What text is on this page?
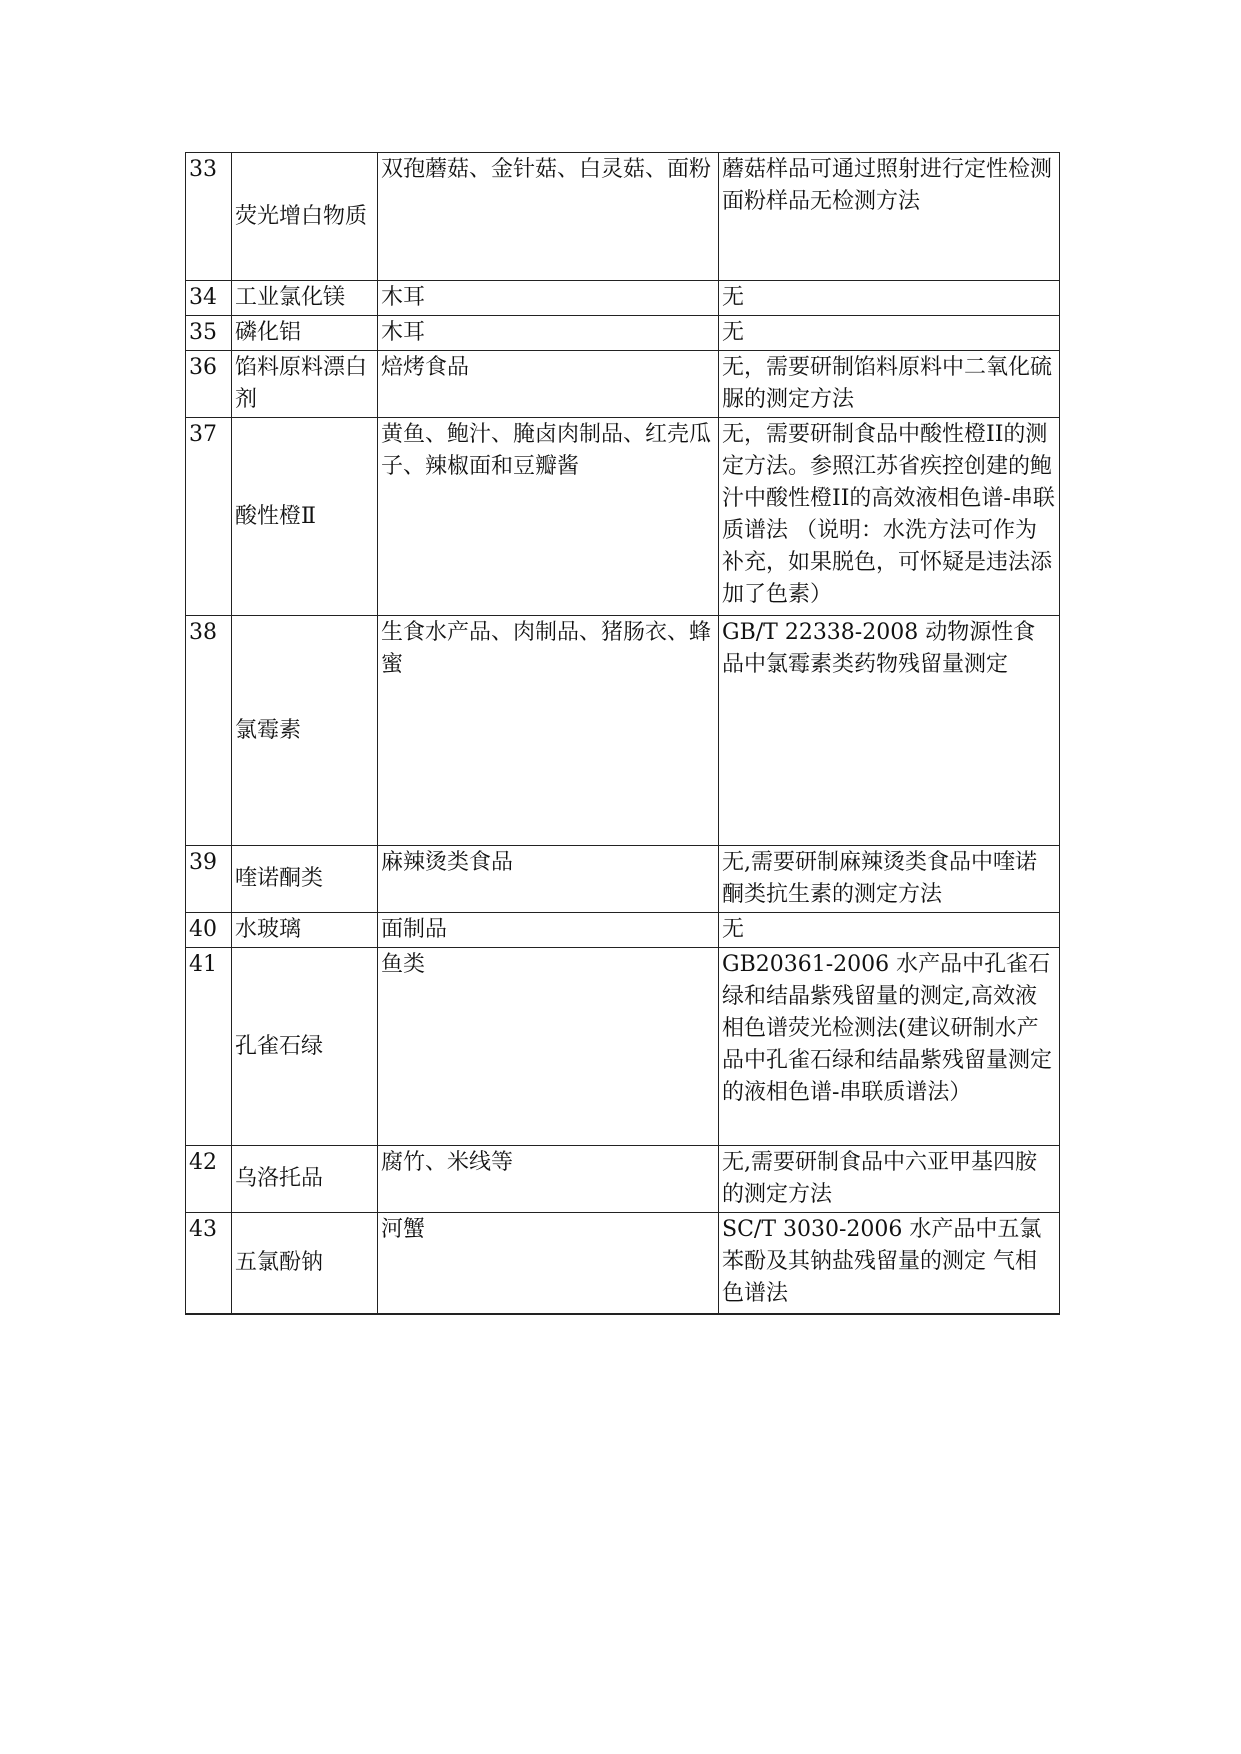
33	荧光增白物质	双孢蘑菇、金针菇、白灵菇、面粉	蘑菇样品可通过照射进行定性检测 面粉样品无检测方法
34	工业氯化镁	木耳	无
35	磷化铝	木耳	无
36	馅料原料漂白剂	焙烤食品	无，需要研制馅料原料中二氧化硫脲的测定方法
37	酸性橙Ⅱ	黄鱼、鲍汁、腌卤肉制品、红壳瓜子、辣椒面和豆瓣酱	无，需要研制食品中酸性橙II的测定方法。参照江苏省疾控创建的鲍汁中酸性橙II的高效液相色谱-串联质谱法 （说明：水洗方法可作为补充，如果脱色，可怀疑是违法添加了色素）
38	氯霉素	生食水产品、肉制品、猪肠衣、蜂蜜	GB/T 22338-2008 动物源性食品中氯霉素类药物残留量测定
39	喹诺酮类	麻辣烫类食品	无,需要研制麻辣烫类食品中喹诺酮类抗生素的测定方法
40	水玻璃	面制品	无
41	孔雀石绿	鱼类	GB20361-2006 水产品中孔雀石绿和结晶紫残留量的测定,高效液相色谱荧光检测法(建议研制水产品中孔雀石绿和结晶紫残留量测定的液相色谱-串联质谱法）
42	乌洛托品	腐竹、米线等	无,需要研制食品中六亚甲基四胺的测定方法
43	五氯酚钠	河蟹	SC/T 3030-2006 水产品中五氯苯酚及其钠盐残留量的测定 气相色谱法
